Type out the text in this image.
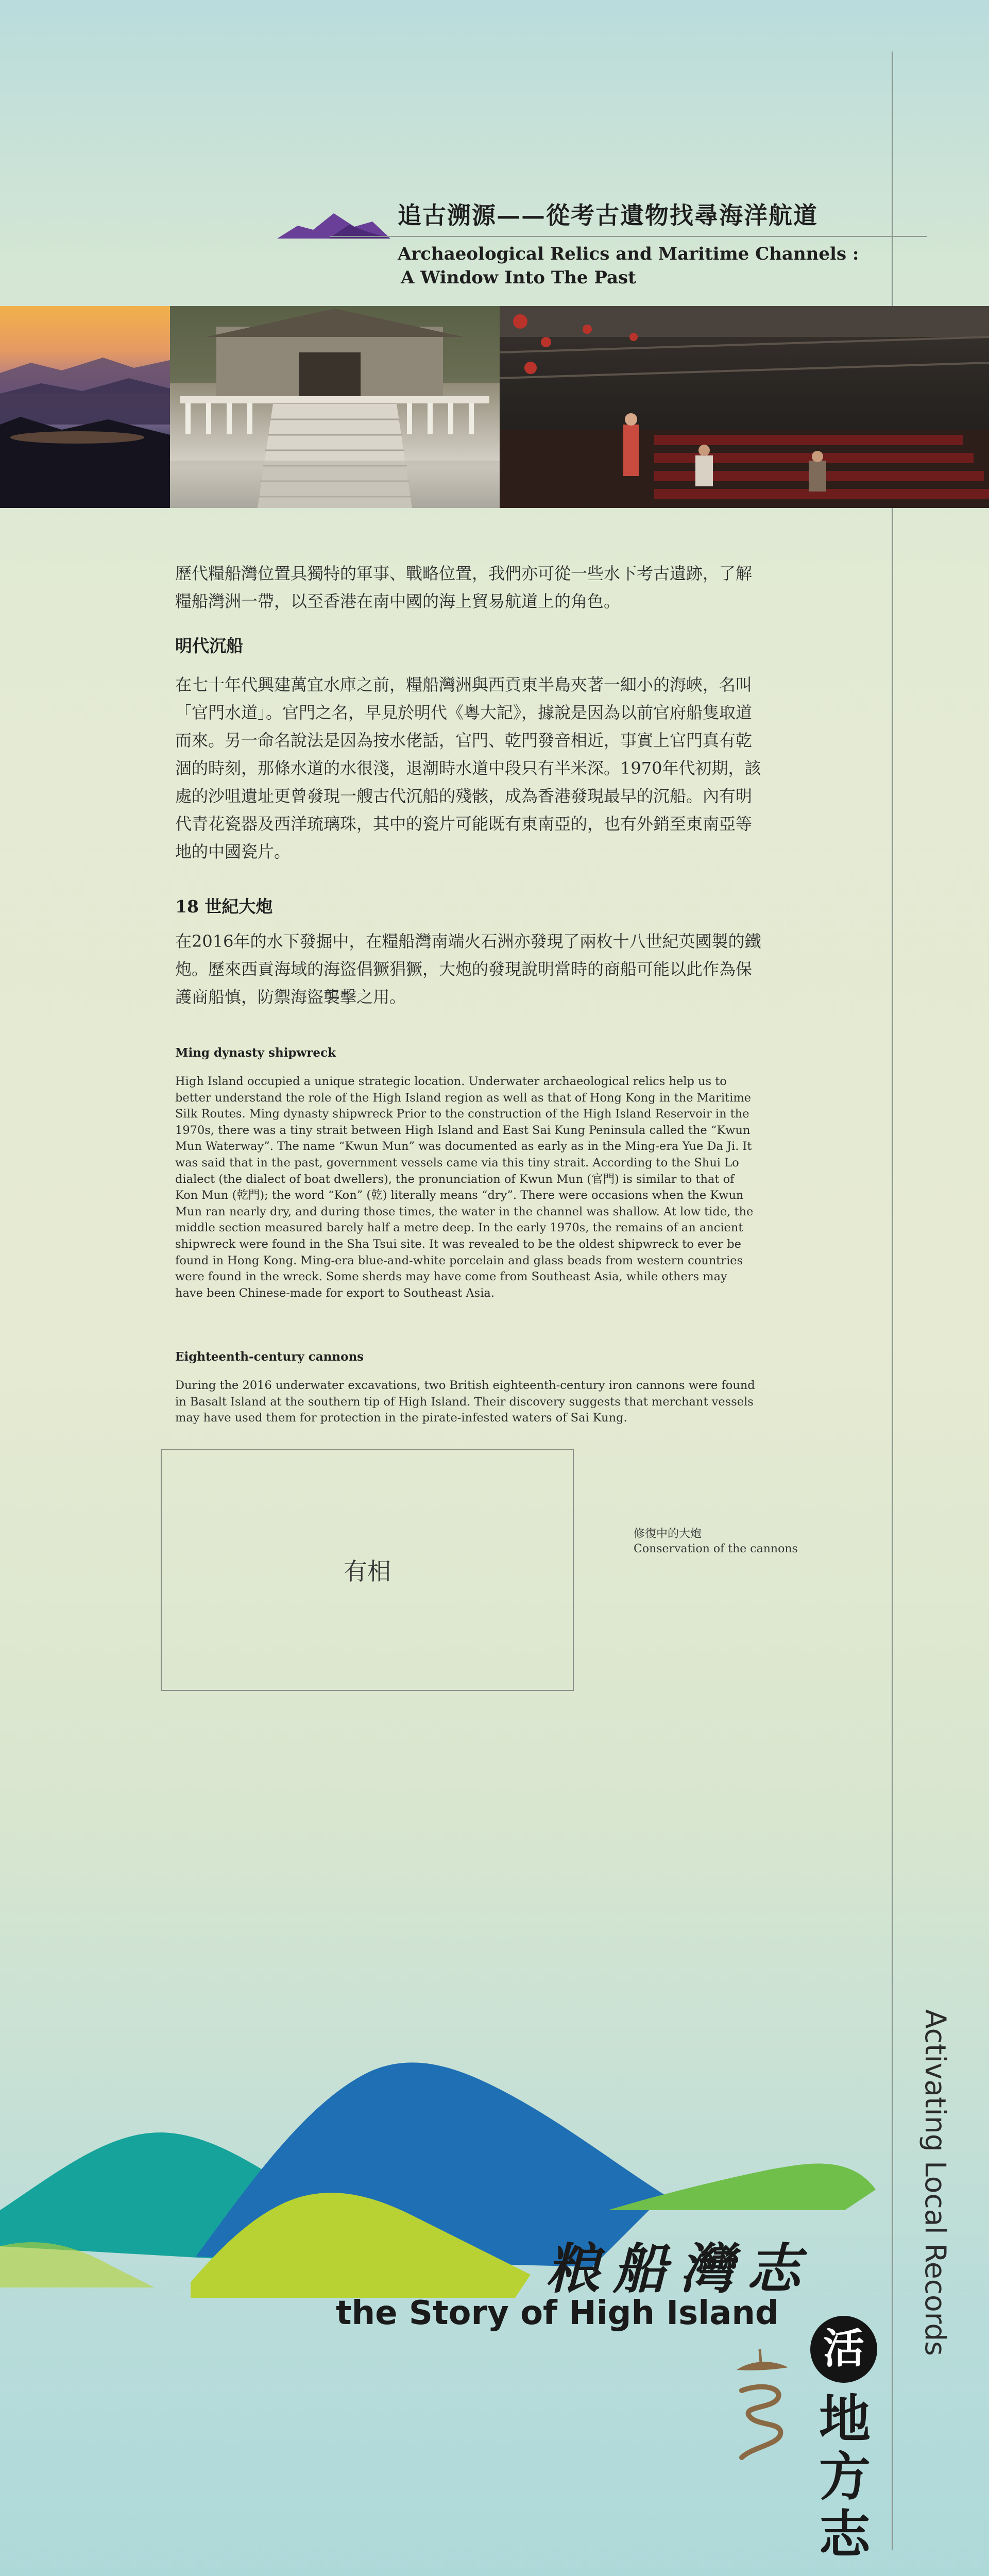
追古溯源——從考古遺物找尋海洋航道
Archaeological Relics and Maritime Channels :
A Window Into The Past

歷代糧船灣位置具獨特的軍事、戰略位置，我們亦可從一些水下考古遺跡，了解糧船灣洲一帶，以至香港在南中國的海上貿易航道上的角色。

明代沉船

在七十年代興建萬宜水庫之前，糧船灣洲與西貢東半島夾著一細小的海峽，名叫「官門水道」。官門之名，早見於明代《粵大記》，據說是因為以前官府船隻取道而來。另一命名說法是因為按水佬話，官門、乾門發音相近，事實上官門真有乾涸的時刻，那條水道的水很淺，退潮時水道中段只有半米深。1970年代初期，該處的沙咀遺址更曾發現一艘古代沉船的殘骸，成為香港發現最早的沉船。內有明代青花瓷器及西洋琉璃珠，其中的瓷片可能既有東南亞的，也有外銷至東南亞等地的中國瓷片。

18 世紀大炮

在2016年的水下發掘中，在糧船灣南端火石洲亦發現了兩枚十八世紀英國製的鐵炮。歷來西貢海域的海盜倡獗猖獗，大炮的發現說明當時的商船可能以此作為保護商船慎，防禦海盜襲擊之用。

Ming dynasty shipwreck

High Island occupied a unique strategic location. Underwater archaeological relics help us to better understand the role of the High Island region as well as that of Hong Kong in the Maritime Silk Routes. Ming dynasty shipwreck Prior to the construction of the High Island Reservoir in the 1970s, there was a tiny strait between High Island and East Sai Kung Peninsula called the “Kwun Mun Waterway”. The name “Kwun Mun” was documented as early as in the Ming-era Yue Da Ji. It was said that in the past, government vessels came via this tiny strait. According to the Shui Lo dialect (the dialect of boat dwellers), the pronunciation of Kwun Mun (官門) is similar to that of Kon Mun (乾門); the word “Kon” (乾) literally means “dry”. There were occasions when the Kwun Mun ran nearly dry, and during those times, the water in the channel was shallow. At low tide, the middle section measured barely half a metre deep. In the early 1970s, the remains of an ancient shipwreck were found in the Sha Tsui site. It was revealed to be the oldest shipwreck to ever be found in Hong Kong. Ming-era blue-and-white porcelain and glass beads from western countries were found in the wreck. Some sherds may have come from Southeast Asia, while others may have been Chinese-made for export to Southeast Asia.

Eighteenth-century cannons

During the 2016 underwater excavations, two British eighteenth-century iron cannons were found in Basalt Island at the southern tip of High Island. Their discovery suggests that merchant vessels may have used them for protection in the pirate-infested waters of Sai Kung.

有相
修復中的大炮
Conservation of the cannons
粮船灣志
the Story of High Island	Activating Local Records
活
地方志
